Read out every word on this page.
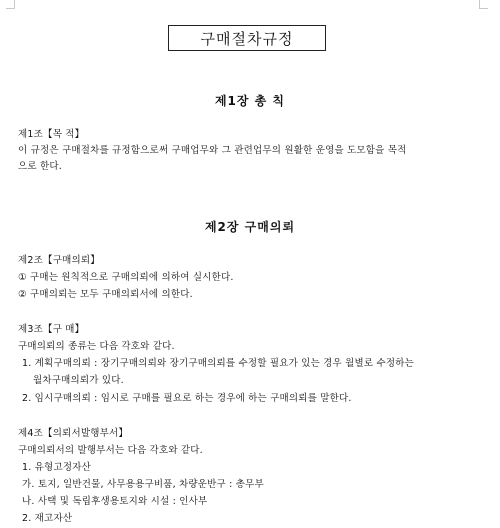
구매절차규정
제1장 총 칙
제1조【목 적】
이 규정은 구매절차를 규정함으로써 구매업무와 그 관련업무의 원활한 운영을 도모함을 목적
으로 한다.
제2장 구매의뢰
제2조【구매의뢰】
① 구매는 원칙적으로 구매의뢰에 의하여 실시한다.
② 구매의뢰는 모두 구매의뢰서에 의한다.
제3조【구 매】
구매의뢰의 종류는 다음 각호와 같다.
1. 계획구매의뢰 : 장기구매의뢰와 장기구매의뢰를 수정할 필요가 있는 경우 월별로 수정하는
월차구매의뢰가 있다.
2. 임시구매의뢰 : 임시로 구매를 필요로 하는 경우에 하는 구매의뢰를 말한다.
제4조【의뢰서발행부서】
구매의뢰서의 발행부서는 다음 각호와 같다.
1. 유형고정자산
가. 토지, 일반건물, 사무용용구비품, 차량운반구 : 총무부
나. 사택 및 독립후생용토지와 시설 : 인사부
2. 재고자산
